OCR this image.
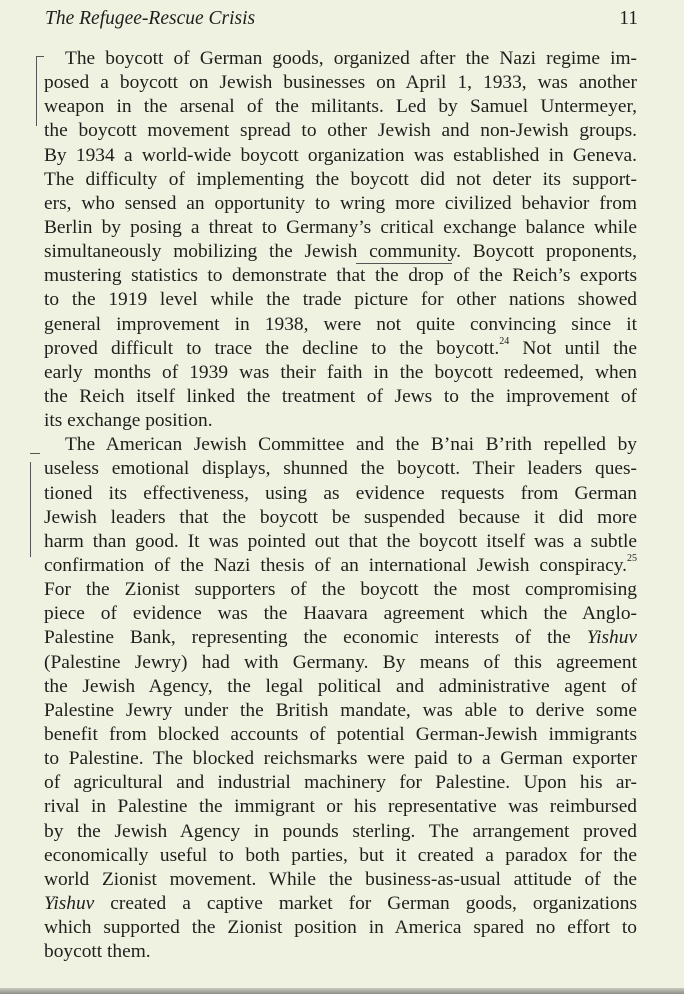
The Refugee-Rescue Crisis	11
The boycott of German goods, organized after the Nazi regime im-
posed a boycott on Jewish businesses on April 1, 1933, was another
weapon in the arsenal of the militants. Led by Samuel Untermeyer,
the boycott movement spread to other Jewish and non-Jewish groups.
By 1934 a world-wide boycott organization was established in Geneva.
The difficulty of implementing the boycott did not deter its support-
ers, who sensed an opportunity to wring more civilized behavior from
Berlin by posing a threat to Germany’s critical exchange balance while
simultaneously mobilizing the Jewish community. Boycott proponents,
mustering statistics to demonstrate that the drop of the Reich’s exports
to the 1919 level while the trade picture for other nations showed
general improvement in 1938, were not quite convincing since it
proved difficult to trace the decline to the boycott.$^{24}$ Not until the
early months of 1939 was their faith in the boycott redeemed, when
the Reich itself linked the treatment of Jews to the improvement of
its exchange position.
The American Jewish Committee and the B’nai B’rith repelled by
useless emotional displays, shunned the boycott. Their leaders ques-
tioned its effectiveness, using as evidence requests from German
Jewish leaders that the boycott be suspended because it did more
harm than good. It was pointed out that the boycott itself was a subtle
confirmation of the Nazi thesis of an international Jewish conspiracy.$^{25}$
For the Zionist supporters of the boycott the most compromising
piece of evidence was the Haavara agreement which the Anglo-
Palestine Bank, representing the economic interests of the Yishuv
(Palestine Jewry) had with Germany. By means of this agreement
the Jewish Agency, the legal political and administrative agent of
Palestine Jewry under the British mandate, was able to derive some
benefit from blocked accounts of potential German-Jewish immigrants
to Palestine. The blocked reichsmarks were paid to a German exporter
of agricultural and industrial machinery for Palestine. Upon his ar-
rival in Palestine the immigrant or his representative was reimbursed
by the Jewish Agency in pounds sterling. The arrangement proved
economically useful to both parties, but it created a paradox for the
world Zionist movement. While the business-as-usual attitude of the
Yishuv created a captive market for German goods, organizations
which supported the Zionist position in America spared no effort to
boycott them.
